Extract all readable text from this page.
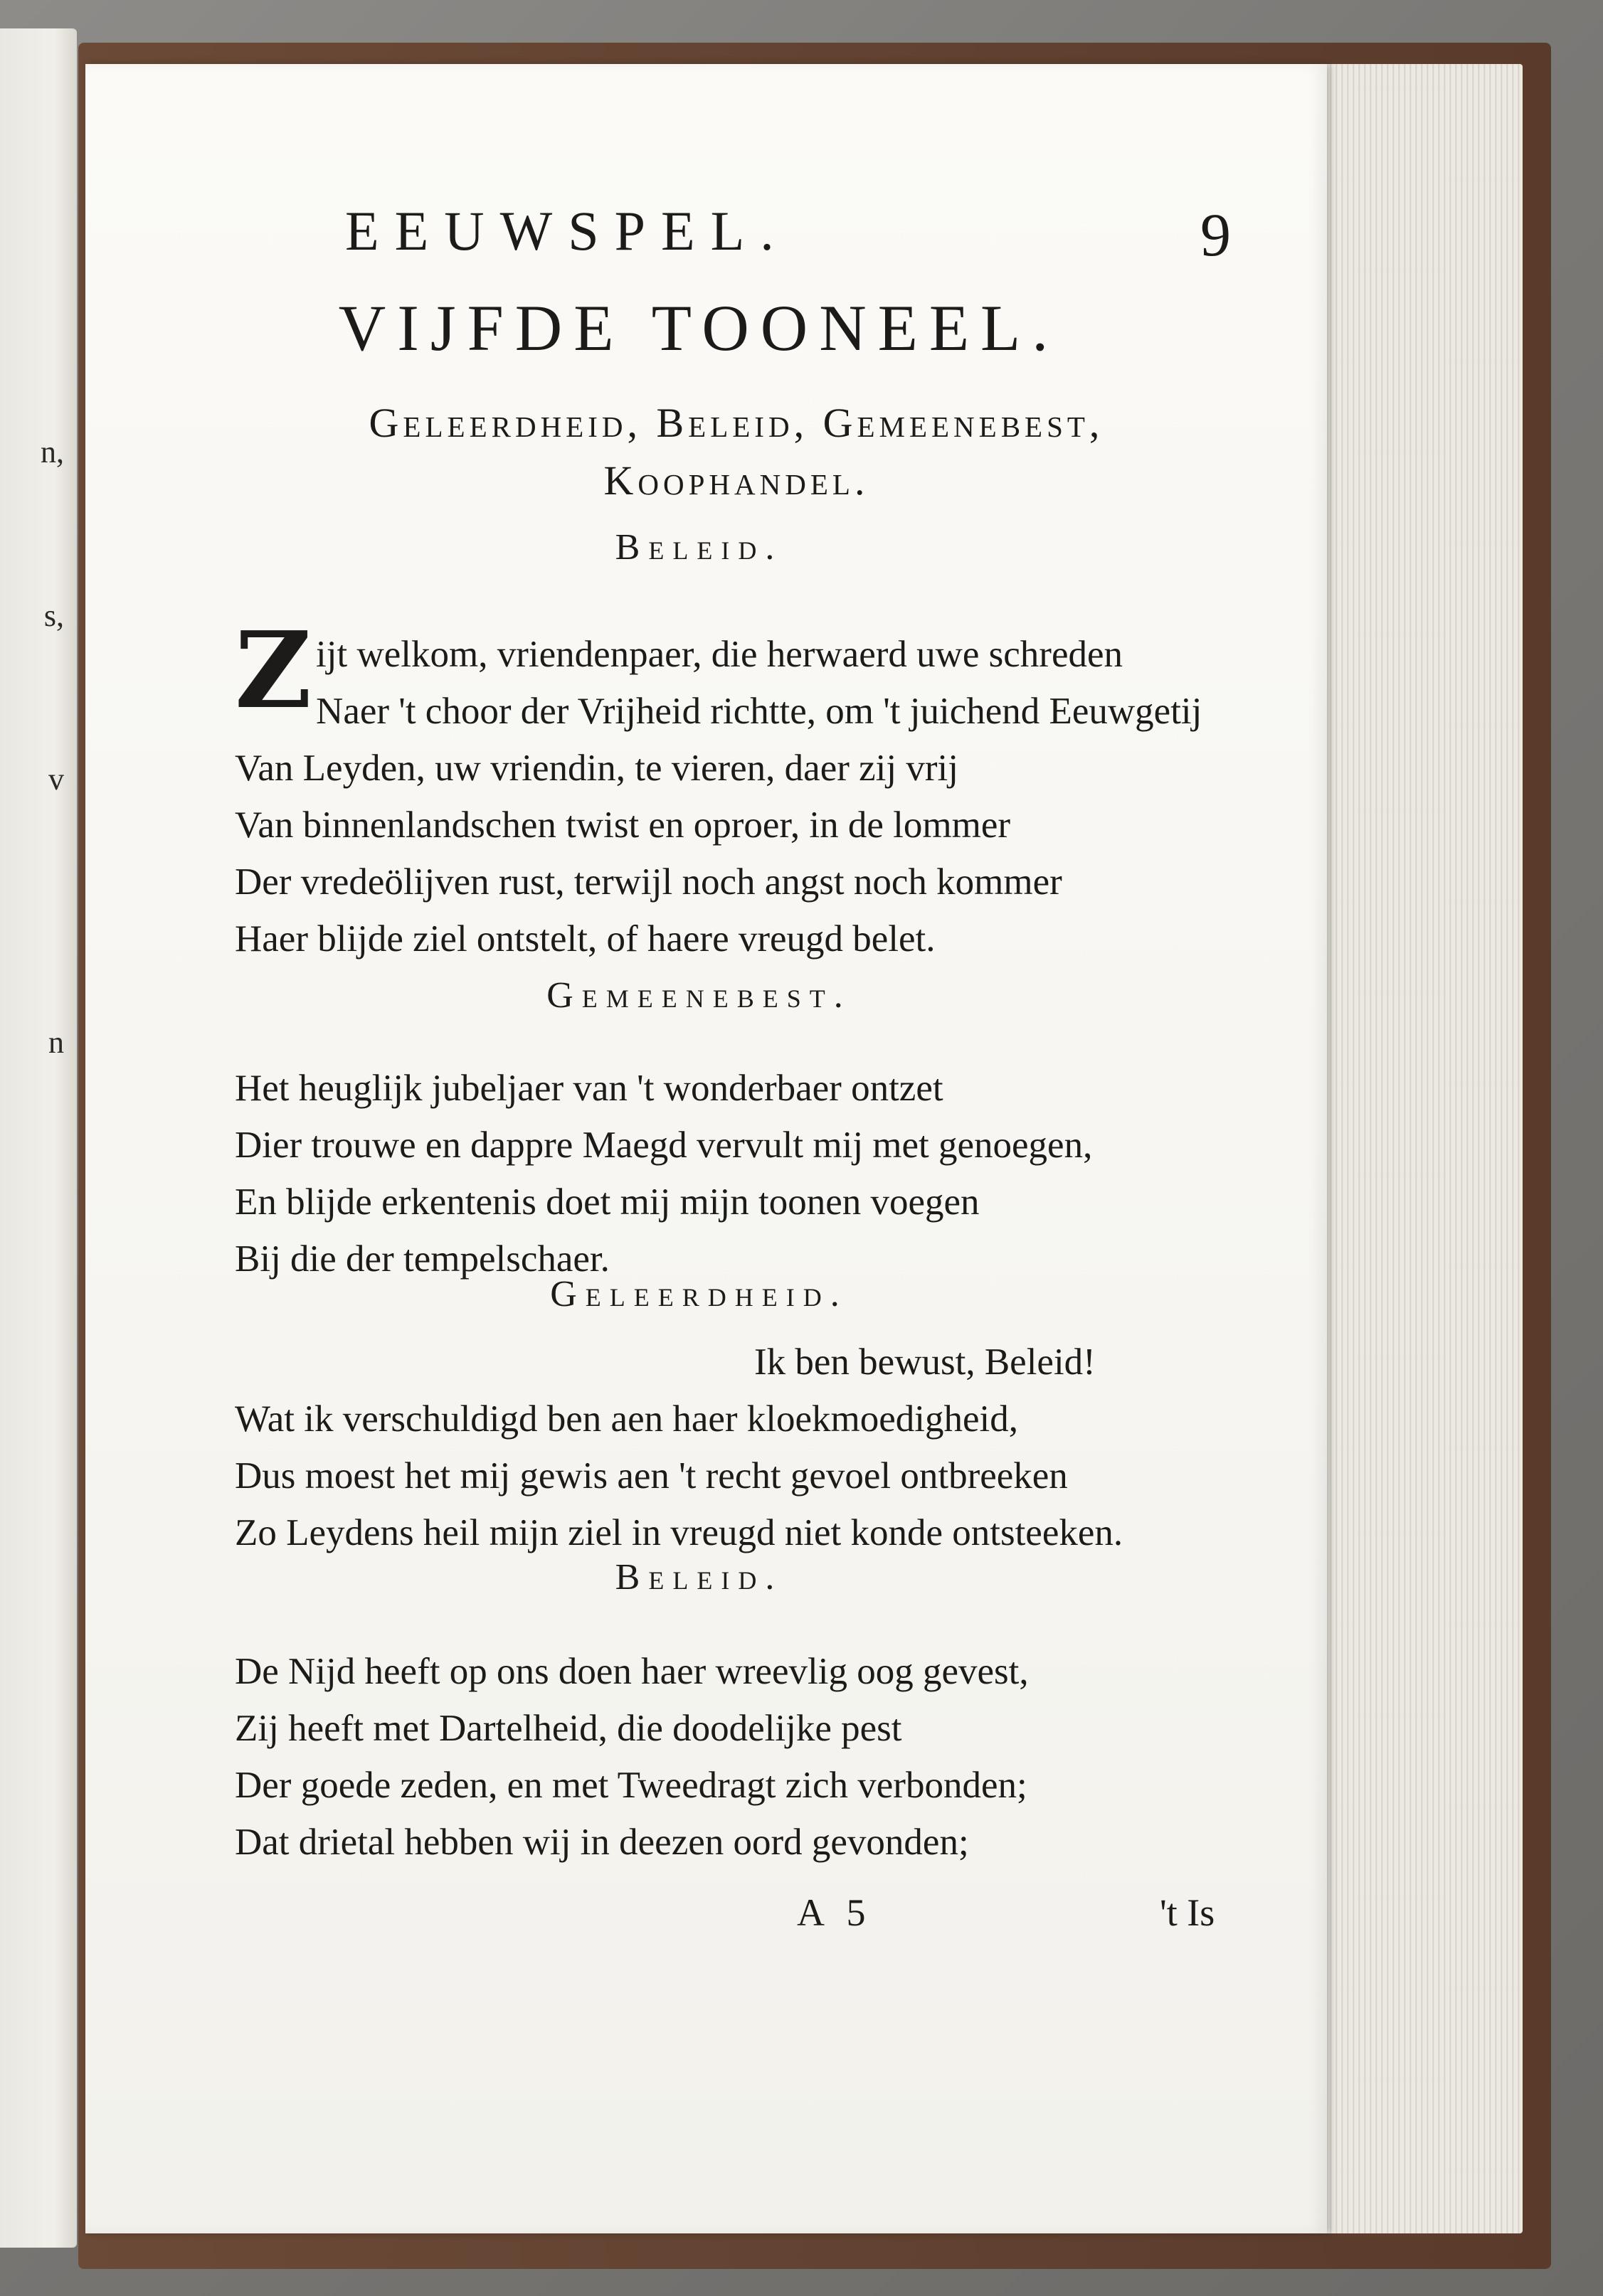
n,
s,
v
n
EEUWSPEL.	9
VIJFDE TOONEEL.
Geleerdheid, Beleid, Gemeenebest,
Koophandel.
Beleid.
Z ijt welkom, vriendenpaer, die herwaerd uwe schreden
Naer 't choor der Vrijheid richtte, om 't juichend Eeuwgetij
Van Leyden, uw vriendin, te vieren, daer zij vrij
Van binnenlandschen twist en oproer, in de lommer
Der vredeölijven rust, terwijl noch angst noch kommer
Haer blijde ziel ontstelt, of haere vreugd belet.
Gemeenebest.
Het heuglijk jubeljaer van 't wonderbaer ontzet
Dier trouwe en dappre Maegd vervult mij met genoegen,
En blijde erkentenis doet mij mijn toonen voegen
Bij die der tempelschaer.
Geleerdheid.
Ik ben bewust, Beleid!
Wat ik verschuldigd ben aen haer kloekmoedigheid,
Dus moest het mij gewis aen 't recht gevoel ontbreeken
Zo Leydens heil mijn ziel in vreugd niet konde ontsteeken.
Beleid.
De Nijd heeft op ons doen haer wreevlig oog gevest,
Zij heeft met Dartelheid, die doodelijke pest
Der goede zeden, en met Tweedragt zich verbonden;
Dat drietal hebben wij in deezen oord gevonden;
A 5	't Is
